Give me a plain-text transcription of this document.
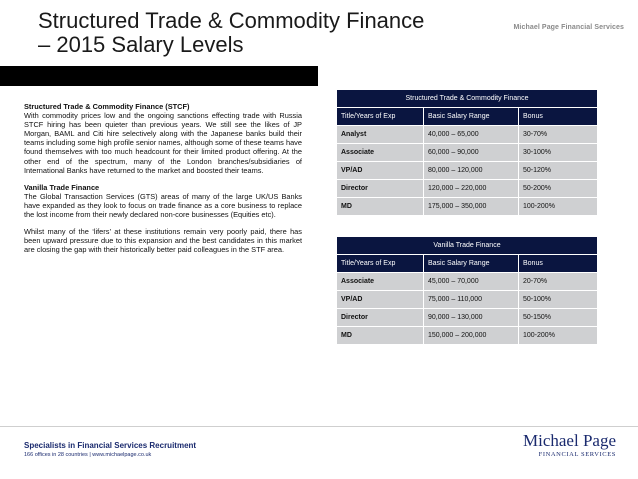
Structured Trade & Commodity Finance
– 2015 Salary Levels
Michael Page Financial Services
Structured Trade & Commodity Finance (STCF)

With commodity prices low and the ongoing sanctions effecting trade with Russia STCF hiring has been quieter than previous years. We still see the likes of JP Morgan, BAML and Citi hire selectively along with the Japanese banks build their teams including some high profile senior names, although some of these teams have found themselves with too much headcount for their limited product offering. At the other end of the spectrum, many of the London branches/subsidiaries of International Banks have returned to the market and boosted their teams.

Vanilla Trade Finance

The Global Transaction Services (GTS) areas of many of the large UK/US Banks have expanded as they look to focus on trade finance as a core business to replace the lost income from their newly declared non-core businesses (Equities etc).

Whilst many of the ‘lifers’ at these institutions remain very poorly paid, there has been upward pressure due to this expansion and the best candidates in this market are closing the gap with their historically better paid colleagues in the STF area.

Structured Trade & Commodity Finance		
Title/Years of Exp	Basic Salary Range	Bonus
Analyst	40,000 – 65,000	30-70%
Associate	60,000 – 90,000	30-100%
VP/AD	80,000 – 120,000	50-120%
Director	120,000 – 220,000	50-200%
MD	175,000 – 350,000	100-200%
Vanilla Trade Finance		
Title/Years of Exp	Basic Salary Range	Bonus
Associate	45,000 – 70,000	20-70%
VP/AD	75,000 – 110,000	50-100%
Director	90,000 – 130,000	50-150%
MD	150,000 – 200,000	100-200%
Specialists in Financial Services Recruitment
166 offices in 28 countries | www.michaelpage.co.uk
Michael Page
FINANCIAL SERVICES
